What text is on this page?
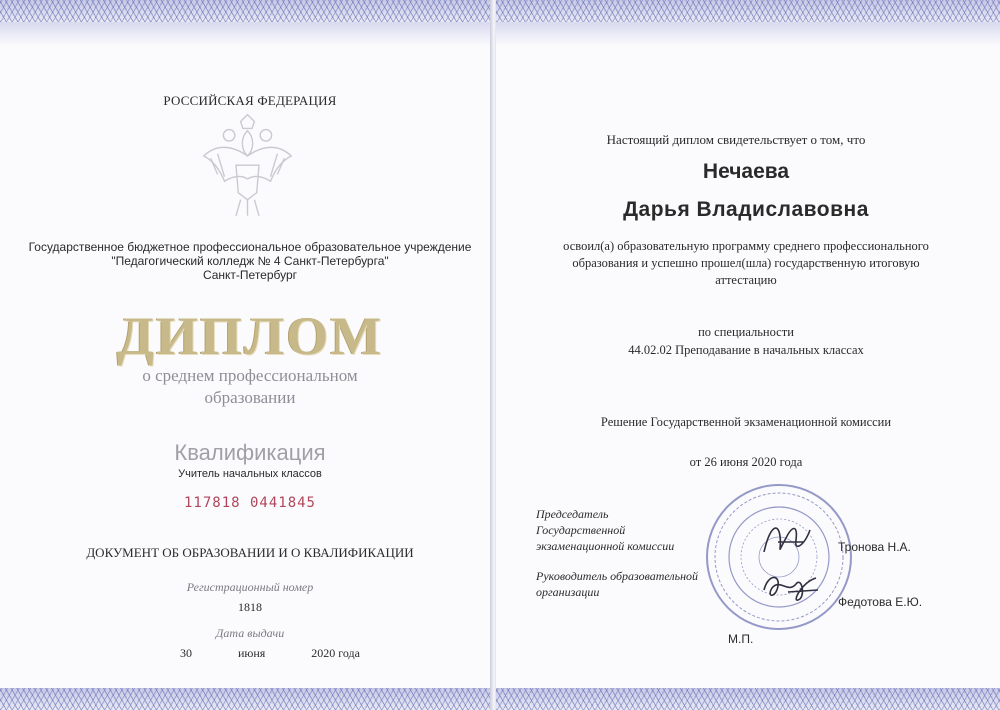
РОССИЙСКАЯ ФЕДЕРАЦИЯ
Государственное бюджетное профессиональное образовательное учреждение
"Педагогический колледж № 4 Санкт-Петербурга"
Санкт-Петербург
ДИПЛОМ
о среднем профессиональном
образовании
Квалификация
Учитель начальных классов
117818 0441845
ДОКУМЕНТ ОБ ОБРАЗОВАНИИ И О КВАЛИФИКАЦИИ
Регистрационный номер
1818
Дата выдачи
30	июня	2020 года
Настоящий диплом свидетельствует о том, что
Нечаева
Дарья Владиславовна
освоил(а) образовательную программу среднего профессионального
образования и успешно прошел(шла) государственную итоговую
аттестацию
по специальности
44.02.02 Преподавание в начальных классах
Решение Государственной экзаменационной комиссии
от 26 июня 2020 года
Председатель
Государственной
экзаменационной комиссии	Тронова Н.А.
Руководитель образовательной
организации
Федотова Е.Ю.
М.П.
